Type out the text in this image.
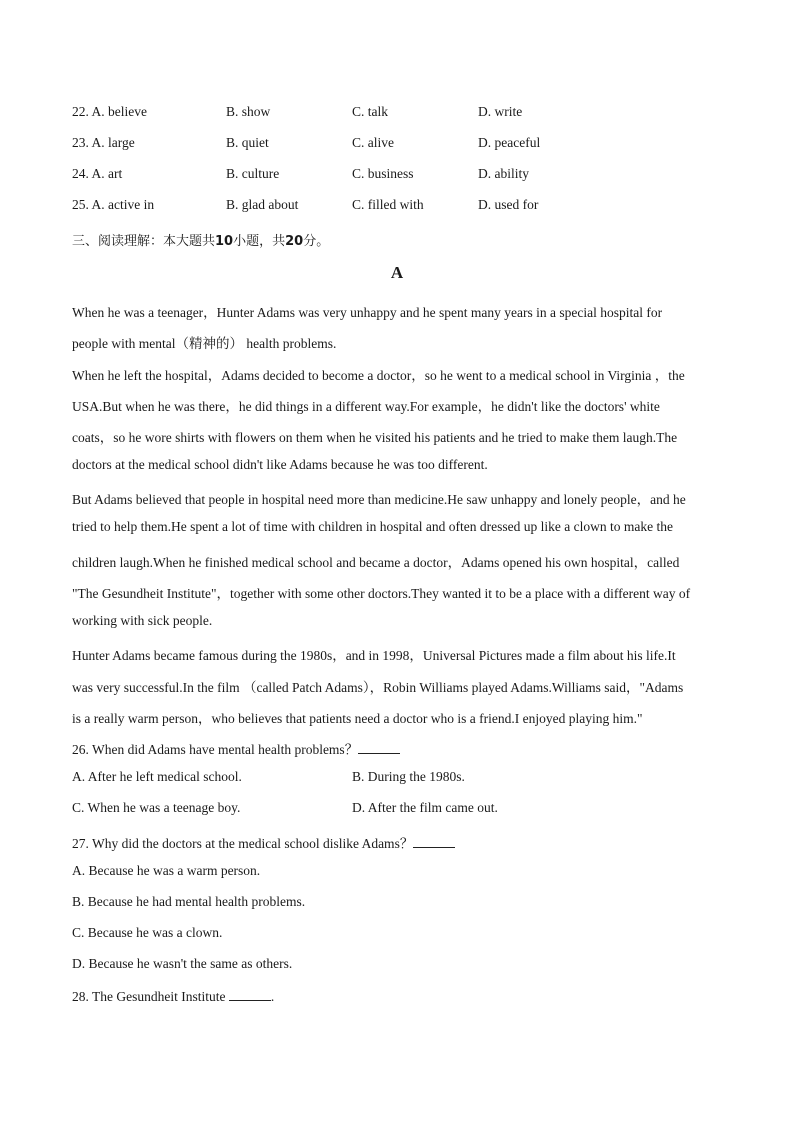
22. A. believe	B. show	C. talk	D. write
23. A. large	B. quiet	C. alive	D. peaceful
24. A. art	B. culture	C. business	D. ability
25. A. active in	B. glad about	C. filled with	D. used for
三、阅读理解：本大题共10小题，共20分。
A
When he was a teenager，Hunter Adams was very unhappy and he spent many years in a special hospital for
people with mental（精神的） health problems.
When he left the hospital，Adams decided to become a doctor，so he went to a medical school in Virginia ，the
USA.But when he was there，he did things in a different way.For example，he didn't like the doctors' white
coats，so he wore shirts with flowers on them when he visited his patients and he tried to make them laugh.The
doctors at the medical school didn't like Adams because he was too different.
But Adams believed that people in hospital need more than medicine.He saw unhappy and lonely people，and he
tried to help them.He spent a lot of time with children in hospital and often dressed up like a clown to make the
children laugh.When he finished medical school and became a doctor，Adams opened his own hospital，called
"The Gesundheit Institute"，together with some other doctors.They wanted it to be a place with a different way of
working with sick people.
Hunter Adams became famous during the 1980s，and in 1998，Universal Pictures made a film about his life.It
was very successful.In the film （called Patch Adams），Robin Williams played Adams.Williams said，"Adams
is a really warm person，who believes that patients need a doctor who is a friend.I enjoyed playing him."
26. When did Adams have mental health problems？
A. After he left medical school.	B. During the 1980s.
C. When he was a teenage boy.	D. After the film came out.
27. Why did the doctors at the medical school dislike Adams？
A. Because he was a warm person.
B. Because he had mental health problems.
C. Because he was a clown.
D. Because he wasn't the same as others.
28. The Gesundheit Institute	.
